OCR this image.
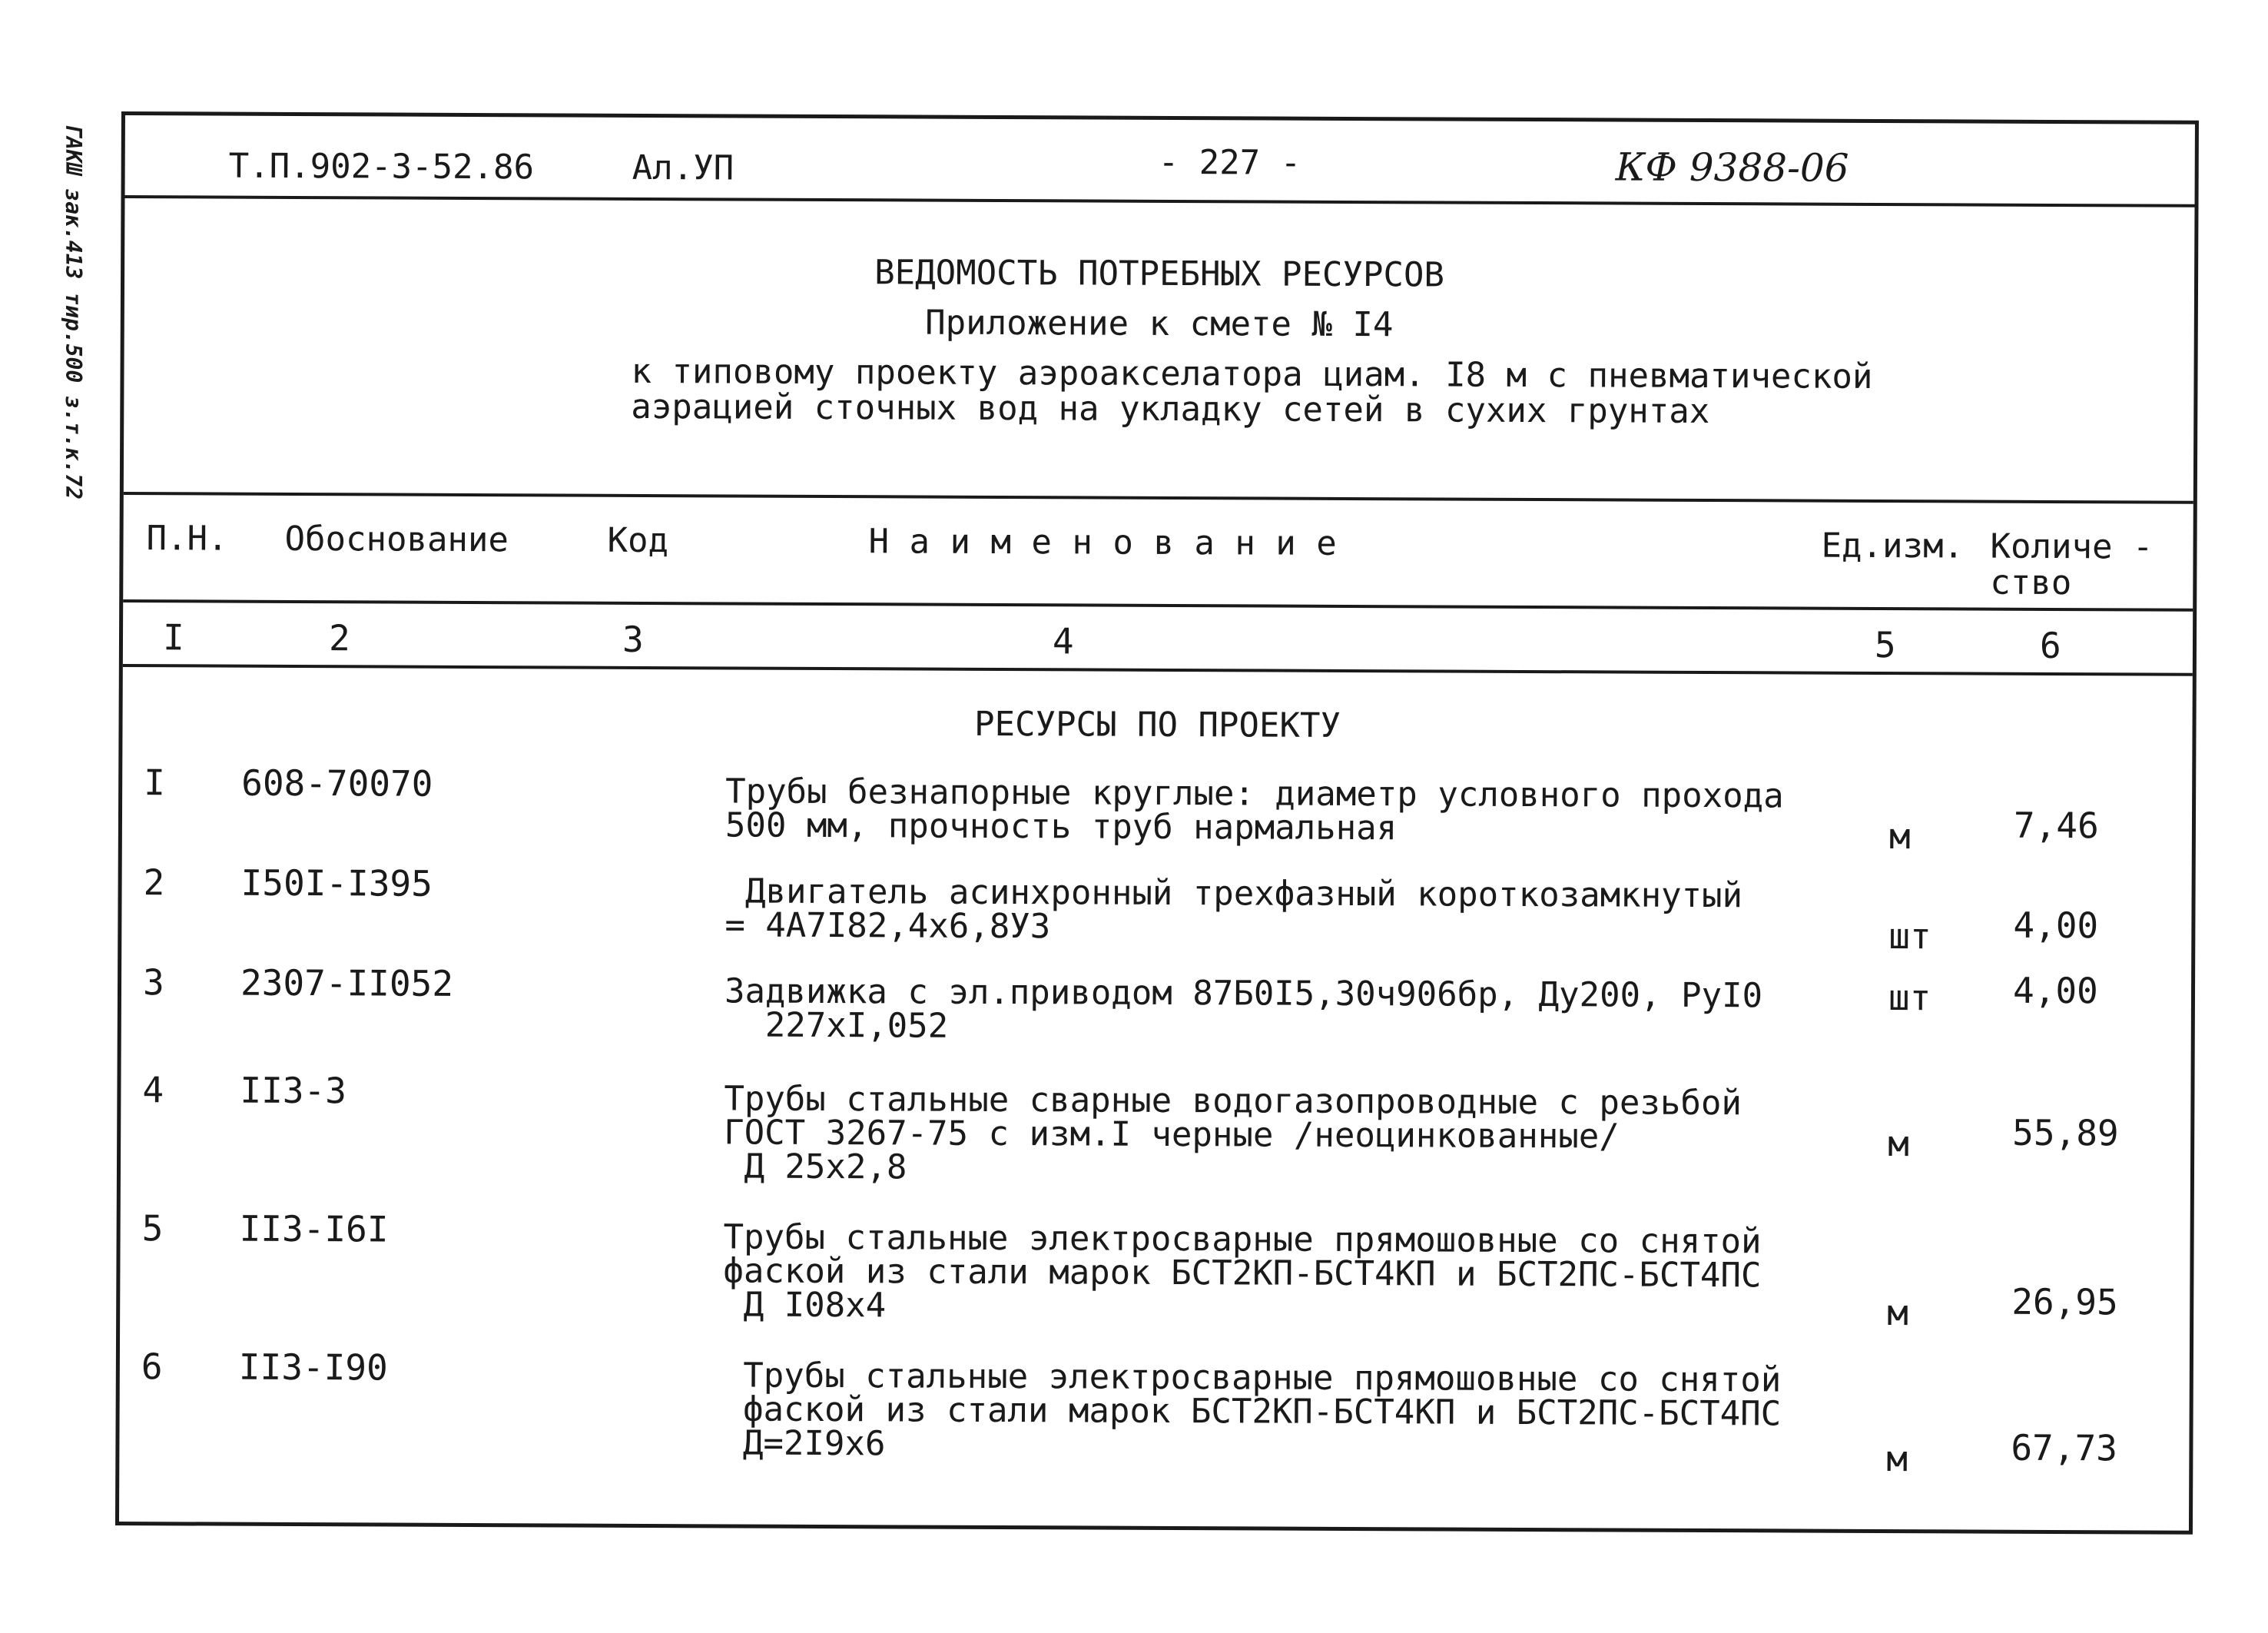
ГАКШ зак.413 тир.500 з.т.к.72	Т.П.902-3-52.86	Ал.УП	- 227 -	КФ 9388-06
ВЕДОМОСТЬ ПОТРЕБНЫХ РЕСУРСОВ
Приложение к смете № I4
к типовому проекту аэроакселатора циам. I8 м с пневматической
аэрацией сточных вод на укладку сетей в сухих грунтах
П.Н. Обоснование	Код	Н а и м е н о в а н и е	Ед.изм. Количе -
ство
I	2	3	4	5	6
РЕСУРСЫ ПО ПРОЕКТУ
I 608-70070	Трубы безнапорные круглые: диаметр условного прохода
500 мм, прочность труб нармальная	м	7,46
2 I50I-I395	Двигатель асинхронный трехфазный короткозамкнутый
= 4А7I82,4х6,8У3	шт 4,00
3 2307-II052	Задвижка с эл.приводом 87Б0I5,30ч906бр, Ду200, РуI0
227хI,052
шт 4,00
4 II3-3	Трубы стальные сварные водогазопроводные с резьбой
ГОСТ 3267-75 с изм.I черные /неоцинкованные/
Д 25х2,8
м	55,89
5 II3-I6I	Трубы стальные электросварные прямошовные со снятой
фаской из стали марок БСТ2КП-БСТ4КП и БСТ2ПС-БСТ4ПС
Д I08х4	м	26,95
6 II3-I90	Трубы стальные электросварные прямошовные со снятой
фаской из стали марок БСТ2КП-БСТ4КП и БСТ2ПС-БСТ4ПС
Д=2I9х6	м	67,73
